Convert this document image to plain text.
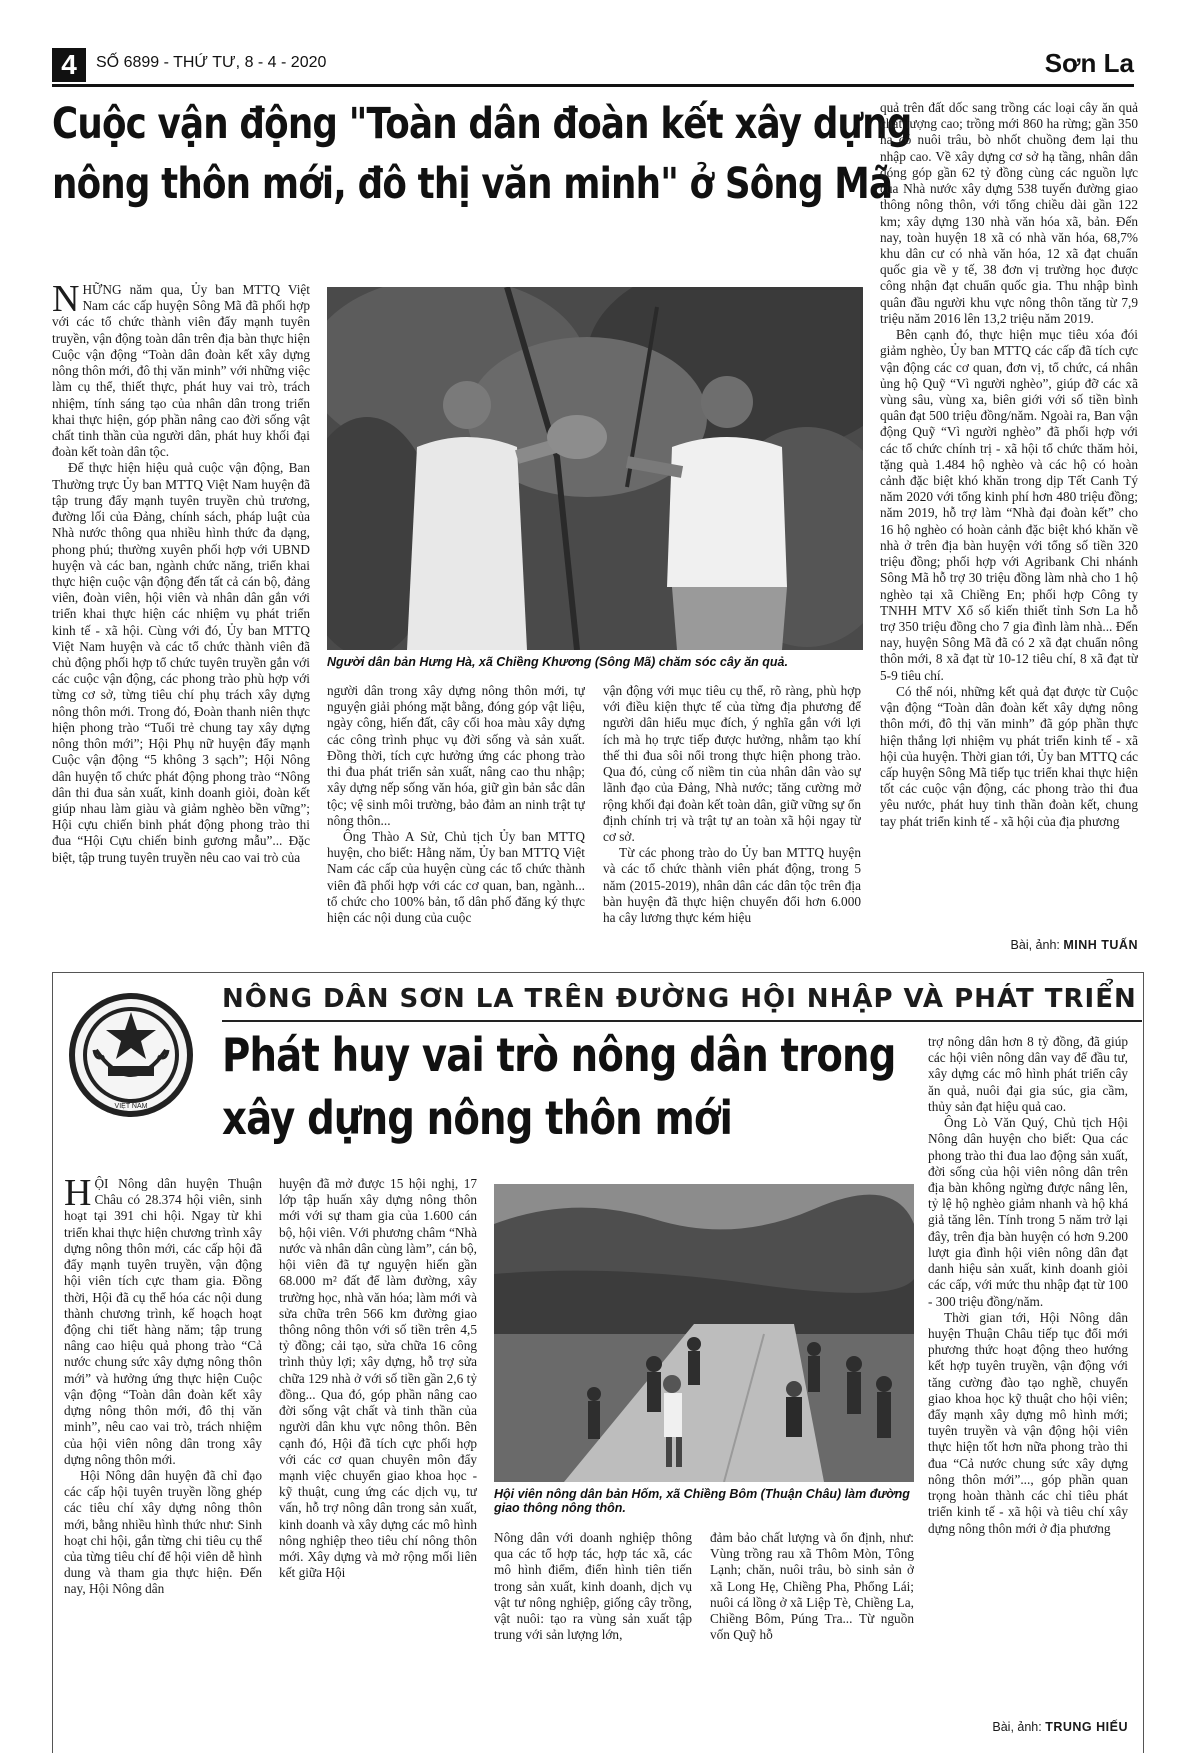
4	SỐ 6899 - THỨ TƯ, 8 - 4 - 2020	Sơn La
Cuộc vận động "Toàn dân đoàn kết xây dựng
nông thôn mới, đô thị văn minh" ở Sông Mã

NHỮNG năm qua, Ủy ban MTTQ Việt Nam các cấp huyện Sông Mã đã phối hợp với các tổ chức thành viên đẩy mạnh tuyên truyền, vận động toàn dân trên địa bàn thực hiện Cuộc vận động “Toàn dân đoàn kết xây dựng nông thôn mới, đô thị văn minh” với những việc làm cụ thể, thiết thực, phát huy vai trò, trách nhiệm, tính sáng tạo của nhân dân trong triển khai thực hiện, góp phần nâng cao đời sống vật chất tinh thần của người dân, phát huy khối đại đoàn kết toàn dân tộc.

Để thực hiện hiệu quả cuộc vận động, Ban Thường trực Ủy ban MTTQ Việt Nam huyện đã tập trung đẩy mạnh tuyên truyền chủ trương, đường lối của Đảng, chính sách, pháp luật của Nhà nước thông qua nhiều hình thức đa dạng, phong phú; thường xuyên phối hợp với UBND huyện và các ban, ngành chức năng, triển khai thực hiện cuộc vận động đến tất cả cán bộ, đảng viên, đoàn viên, hội viên và nhân dân gắn với triển khai thực hiện các nhiệm vụ phát triển kinh tế - xã hội. Cùng với đó, Ủy ban MTTQ Việt Nam huyện và các tổ chức thành viên đã chủ động phối hợp tổ chức tuyên truyền gắn với các cuộc vận động, các phong trào phù hợp với từng cơ sở, từng tiêu chí phụ trách xây dựng nông thôn mới. Trong đó, Đoàn thanh niên thực hiện phong trào “Tuổi trẻ chung tay xây dựng nông thôn mới”; Hội Phụ nữ huyện đẩy mạnh Cuộc vận động “5 không 3 sạch”; Hội Nông dân huyện tổ chức phát động phong trào “Nông dân thi đua sản xuất, kinh doanh giỏi, đoàn kết giúp nhau làm giàu và giảm nghèo bền vững”; Hội cựu chiến binh phát động phong trào thi đua “Hội Cựu chiến binh gương mẫu”... Đặc biệt, tập trung tuyên truyền nêu cao vai trò của

Người dân bản Hưng Hà, xã Chiềng Khương (Sông Mã) chăm sóc cây ăn quả.

người dân trong xây dựng nông thôn mới, tự nguyện giải phóng mặt bằng, đóng góp vật liệu, ngày công, hiến đất, cây cối hoa màu xây dựng các công trình phục vụ đời sống và sản xuất. Đồng thời, tích cực hưởng ứng các phong trào thi đua phát triển sản xuất, nâng cao thu nhập; xây dựng nếp sống văn hóa, giữ gìn bản sắc dân tộc; vệ sinh môi trường, bảo đảm an ninh trật tự nông thôn...

Ông Thào A Sử, Chủ tịch Ủy ban MTTQ huyện, cho biết: Hằng năm, Ủy ban MTTQ Việt Nam các cấp của huyện cùng các tổ chức thành viên đã phối hợp với các cơ quan, ban, ngành... tổ chức cho 100% bản, tổ dân phố đăng ký thực hiện các nội dung của cuộc

vận động với mục tiêu cụ thể, rõ ràng, phù hợp với điều kiện thực tế của từng địa phương để người dân hiểu mục đích, ý nghĩa gắn với lợi ích mà họ trực tiếp được hưởng, nhằm tạo khí thế thi đua sôi nổi trong thực hiện phong trào. Qua đó, củng cố niềm tin của nhân dân vào sự lãnh đạo của Đảng, Nhà nước; tăng cường mở rộng khối đại đoàn kết toàn dân, giữ vững sự ổn định chính trị và trật tự an toàn xã hội ngay từ cơ sở.

Từ các phong trào do Ủy ban MTTQ huyện và các tổ chức thành viên phát động, trong 5 năm (2015-2019), nhân dân các dân tộc trên địa bàn huyện đã thực hiện chuyển đổi hơn 6.000 ha cây lương thực kém hiệu

quả trên đất dốc sang trồng các loại cây ăn quả chất lượng cao; trồng mới 860 ha rừng; gần 350 ha có nuôi trâu, bò nhốt chuồng đem lại thu nhập cao. Về xây dựng cơ sở hạ tầng, nhân dân đóng góp gần 62 tỷ đồng cùng các nguồn lực của Nhà nước xây dựng 538 tuyến đường giao thông nông thôn, với tổng chiều dài gần 122 km; xây dựng 130 nhà văn hóa xã, bản. Đến nay, toàn huyện 18 xã có nhà văn hóa, 68,7% khu dân cư có nhà văn hóa, 12 xã đạt chuẩn quốc gia về y tế, 38 đơn vị trường học được công nhận đạt chuẩn quốc gia. Thu nhập bình quân đầu người khu vực nông thôn tăng từ 7,9 triệu năm 2016 lên 13,2 triệu năm 2019.

Bên cạnh đó, thực hiện mục tiêu xóa đói giảm nghèo, Ủy ban MTTQ các cấp đã tích cực vận động các cơ quan, đơn vị, tổ chức, cá nhân ủng hộ Quỹ “Vì người nghèo”, giúp đỡ các xã vùng sâu, vùng xa, biên giới với số tiền bình quân đạt 500 triệu đồng/năm. Ngoài ra, Ban vận động Quỹ “Vì người nghèo” đã phối hợp với các tổ chức chính trị - xã hội tổ chức thăm hỏi, tặng quà 1.484 hộ nghèo và các hộ có hoàn cảnh đặc biệt khó khăn trong dịp Tết Canh Tý năm 2020 với tổng kinh phí hơn 480 triệu đồng; năm 2019, hỗ trợ làm “Nhà đại đoàn kết” cho 16 hộ nghèo có hoàn cảnh đặc biệt khó khăn về nhà ở trên địa bàn huyện với tổng số tiền 320 triệu đồng; phối hợp với Agribank Chi nhánh Sông Mã hỗ trợ 30 triệu đồng làm nhà cho 1 hộ nghèo tại xã Chiềng En; phối hợp Công ty TNHH MTV Xổ số kiến thiết tỉnh Sơn La hỗ trợ 350 triệu đồng cho 7 gia đình làm nhà... Đến nay, huyện Sông Mã đã có 2 xã đạt chuẩn nông thôn mới, 8 xã đạt từ 10-12 tiêu chí, 8 xã đạt từ 5-9 tiêu chí.

Có thể nói, những kết quả đạt được từ Cuộc vận động “Toàn dân đoàn kết xây dựng nông thôn mới, đô thị văn minh” đã góp phần thực hiện thắng lợi nhiệm vụ phát triển kinh tế - xã hội của huyện. Thời gian tới, Ủy ban MTTQ các cấp huyện Sông Mã tiếp tục triển khai thực hiện tốt các cuộc vận động, các phong trào thi đua yêu nước, phát huy tinh thần đoàn kết, chung tay phát triển kinh tế - xã hội của địa phương

Bài, ảnh: MINH TUẤN
NÔNG DÂN SƠN LA TRÊN ĐƯỜNG HỘI NHẬP VÀ PHÁT TRIỂN
VIỆT NAM
Phát huy vai trò nông dân trong
xây dựng nông thôn mới

HỘI Nông dân huyện Thuận Châu có 28.374 hội viên, sinh hoạt tại 391 chi hội. Ngay từ khi triển khai thực hiện chương trình xây dựng nông thôn mới, các cấp hội đã đẩy mạnh tuyên truyền, vận động hội viên tích cực tham gia. Đồng thời, Hội đã cụ thể hóa các nội dung thành chương trình, kế hoạch hoạt động chi tiết hàng năm; tập trung nâng cao hiệu quả phong trào “Cả nước chung sức xây dựng nông thôn mới” và hưởng ứng thực hiện Cuộc vận động “Toàn dân đoàn kết xây dựng nông thôn mới, đô thị văn minh”, nêu cao vai trò, trách nhiệm của hội viên nông dân trong xây dựng nông thôn mới.

Hội Nông dân huyện đã chỉ đạo các cấp hội tuyên truyền lồng ghép các tiêu chí xây dựng nông thôn mới, bằng nhiều hình thức như: Sinh hoạt chi hội, gắn từng chi tiêu cụ thể của từng tiêu chí để hội viên dễ hình dung và tham gia thực hiện. Đến nay, Hội Nông dân

huyện đã mở được 15 hội nghị, 17 lớp tập huấn xây dựng nông thôn mới với sự tham gia của 1.600 cán bộ, hội viên. Với phương châm “Nhà nước và nhân dân cùng làm”, cán bộ, hội viên đã tự nguyện hiến gần 68.000 m² đất để làm đường, xây trường học, nhà văn hóa; làm mới và sửa chữa trên 566 km đường giao thông nông thôn với số tiền trên 4,5 tỷ đồng; cải tạo, sửa chữa 16 công trình thủy lợi; xây dựng, hỗ trợ sửa chữa 129 nhà ở với số tiền gần 2,6 tỷ đồng... Qua đó, góp phần nâng cao đời sống vật chất và tinh thần của người dân khu vực nông thôn. Bên cạnh đó, Hội đã tích cực phối hợp với các cơ quan chuyên môn đẩy mạnh việc chuyển giao khoa học - kỹ thuật, cung ứng các dịch vụ, tư vấn, hỗ trợ nông dân trong sản xuất, kinh doanh và xây dựng các mô hình nông nghiệp theo tiêu chí nông thôn mới. Xây dựng và mở rộng mối liên kết giữa Hội

Hội viên nông dân bản Hốm, xã Chiềng Bôm (Thuận Châu) làm đường giao thông nông thôn.

Nông dân với doanh nghiệp thông qua các tổ hợp tác, hợp tác xã, các mô hình điểm, điển hình tiên tiến trong sản xuất, kinh doanh, dịch vụ vật tư nông nghiệp, giống cây trồng, vật nuôi: tạo ra vùng sản xuất tập trung với sản lượng lớn,

đảm bảo chất lượng và ổn định, như: Vùng trồng rau xã Thôm Mòn, Tông Lạnh; chăn, nuôi trâu, bò sinh sản ở xã Long Hẹ, Chiềng Pha, Phổng Lái; nuôi cá lồng ở xã Liệp Tè, Chiềng La, Chiềng Bôm, Púng Tra... Từ nguồn vốn Quỹ hỗ

trợ nông dân hơn 8 tỷ đồng, đã giúp các hội viên nông dân vay để đầu tư, xây dựng các mô hình phát triển cây ăn quả, nuôi đại gia súc, gia cầm, thủy sản đạt hiệu quả cao.

Ông Lò Văn Quý, Chủ tịch Hội Nông dân huyện cho biết: Qua các phong trào thi đua lao động sản xuất, đời sống của hội viên nông dân trên địa bàn không ngừng được nâng lên, tỷ lệ hộ nghèo giảm nhanh và hộ khá giả tăng lên. Tính trong 5 năm trở lại đây, trên địa bàn huyện có hơn 9.200 lượt gia đình hội viên nông dân đạt danh hiệu sản xuất, kinh doanh giỏi các cấp, với mức thu nhập đạt từ 100 - 300 triệu đồng/năm.

Thời gian tới, Hội Nông dân huyện Thuận Châu tiếp tục đổi mới phương thức hoạt động theo hướng kết hợp tuyên truyền, vận động với tăng cường đào tạo nghề, chuyển giao khoa học kỹ thuật cho hội viên; đẩy mạnh xây dựng mô hình mới; tuyên truyền và vận động hội viên thực hiện tốt hơn nữa phong trào thi đua “Cả nước chung sức xây dựng nông thôn mới”..., góp phần quan trọng hoàn thành các chỉ tiêu phát triển kinh tế - xã hội và tiêu chí xây dựng nông thôn mới ở địa phương

Bài, ảnh: TRUNG HIẾU
